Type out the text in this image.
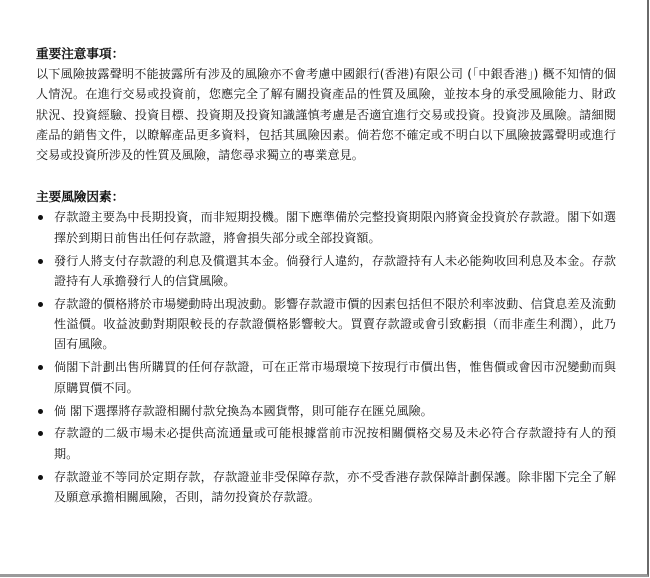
重要注意事項：

以下風險披露聲明不能披露所有涉及的風險亦不會考慮中國銀行(香港)有限公司 (「中銀香港」) 概不知情的個人情況。在進行交易或投資前，您應完全了解有關投資產品的性質及風險，並按本身的承受風險能力、財政狀況、投資經驗、投資目標、投資期及投資知識謹慎考慮是否適宜進行交易或投資。投資涉及風險。請細閱產品的銷售文件，以瞭解產品更多資料，包括其風險因素。倘若您不確定或不明白以下風險披露聲明或進行交易或投資所涉及的性質及風險，請您尋求獨立的專業意見。

主要風險因素：
存款證主要為中長期投資，而非短期投機。閣下應準備於完整投資期限內將資金投資於存款證。閣下如選擇於到期日前售出任何存款證，將會損失部分或全部投資額。
發行人將支付存款證的利息及償還其本金。倘發行人違約，存款證持有人未必能夠收回利息及本金。存款證持有人承擔發行人的信貸風險。
存款證的價格將於市場變動時出現波動。影響存款證市價的因素包括但不限於利率波動、信貸息差及流動性溢價。收益波動對期限較長的存款證價格影響較大。買賣存款證或會引致虧損（而非產生利潤），此乃固有風險。
倘閣下計劃出售所購買的任何存款證，可在正常市場環境下按現行市價出售，惟售價或會因市況變動而與原購買價不同。
倘 閣下選擇將存款證相關付款兌換為本國貨幣，則可能存在匯兑風險。
存款證的二級市場未必提供高流通量或可能根據當前市況按相關價格交易及未必符合存款證持有人的預期。
存款證並不等同於定期存款，存款證並非受保障存款，亦不受香港存款保障計劃保護。除非閣下完全了解及願意承擔相關風險，否則，請勿投資於存款證。
